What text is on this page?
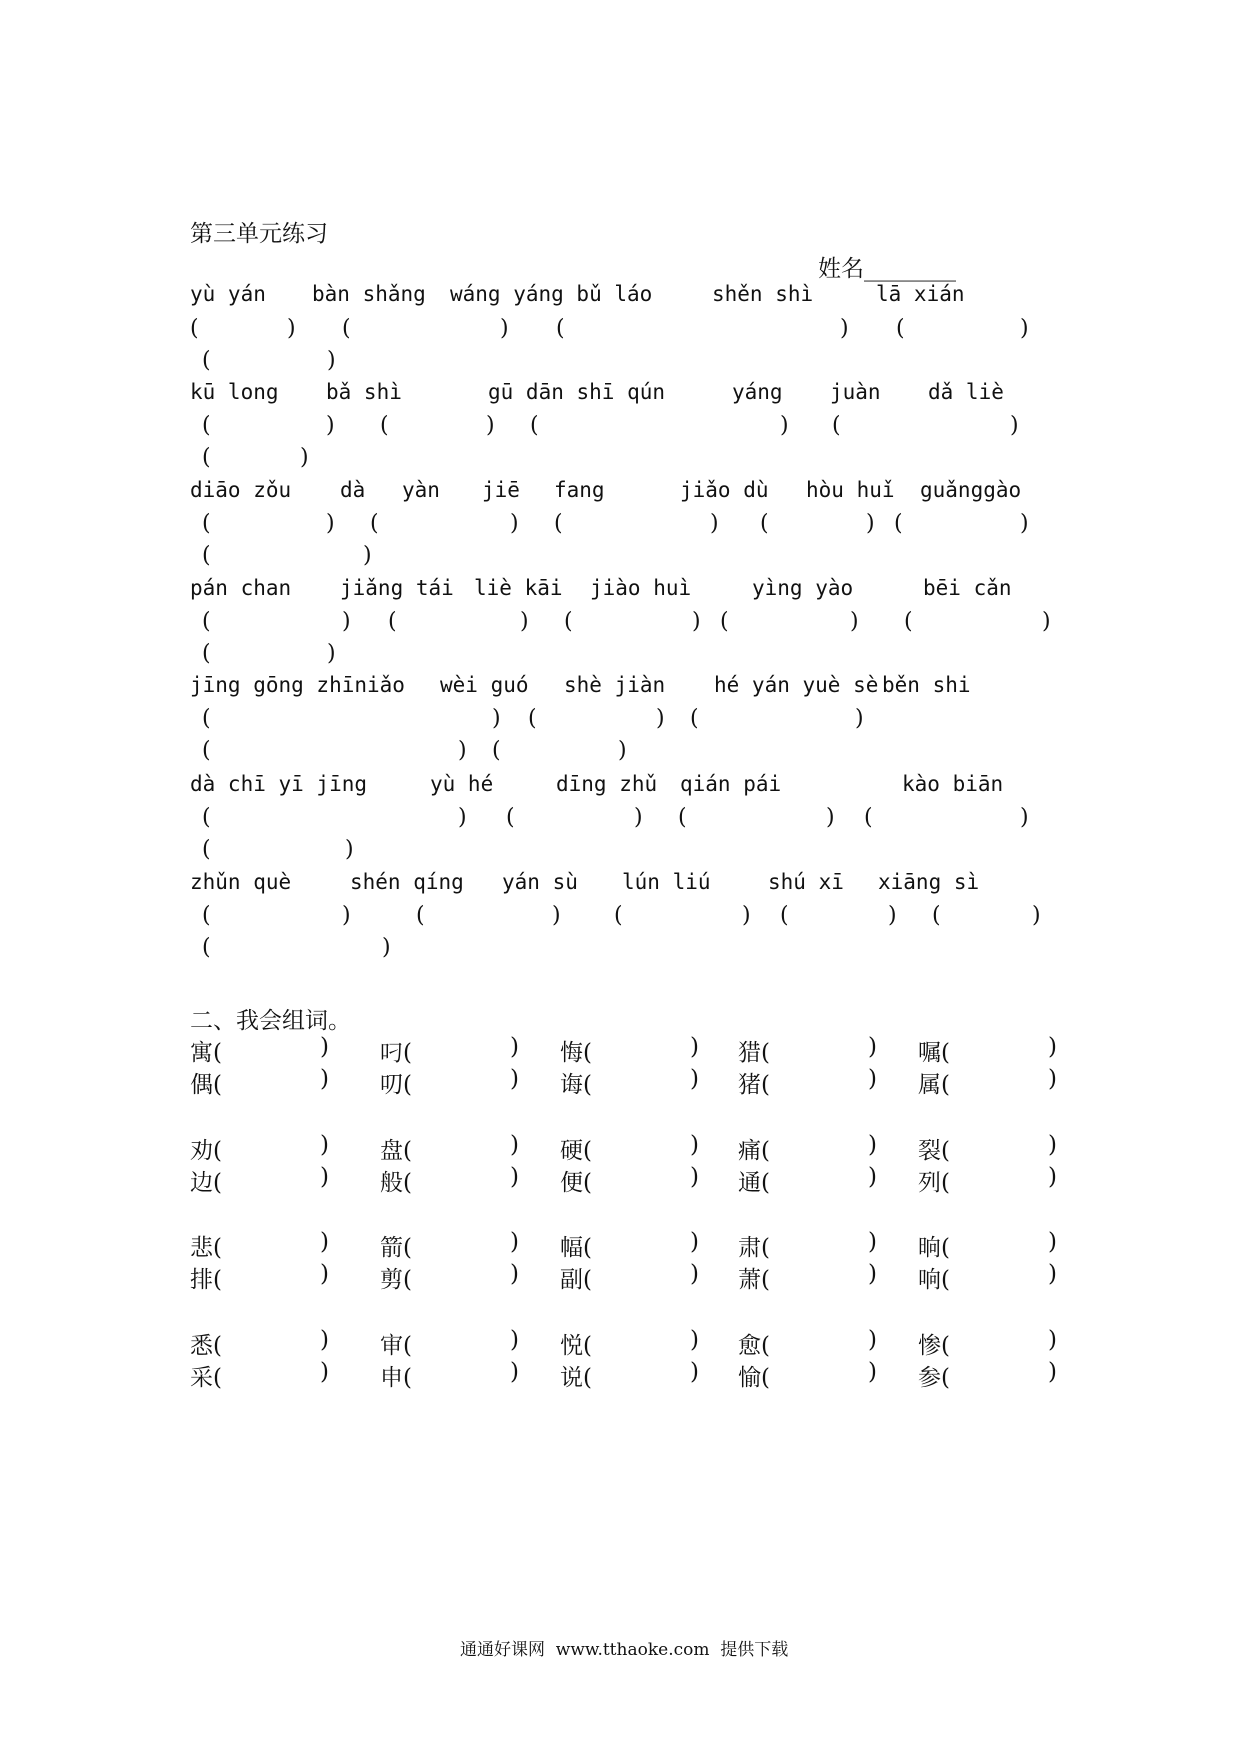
第三单元练习
姓名________
yù yán bàn shǎng wáng yáng bǔ láo	shěn shì	lā xián
(	) (	) (	) (	)
(	)
kū long bǎ shì	gū dān shī qún	yáng juàn dǎ liè
(	) (	) (	) (	)
(	)
diāo zǒu dà yàn jiē fang	jiǎo dù hòu huǐ guǎnggào
(	) (	) (	) (	) (	)
(	)
pán chan jiǎng tái liè kāi jiào huì	yìng yào	bēi cǎn
(	) (	) (	) (	) (	)
(	)
jīng gōng zhīniǎo wèi guó shè jiàn hé yán yuè sè běn shi
(	) (	) (	)
(	) (	)
dà chī yī jīng	yù hé	dīng zhǔ qián pái	kào biān
(	) (	) (	) (	)
(	)
zhǔn què	shén qíng yán sù lún liú	shú xī xiāng sì
(	)	(	) (	) (	) (	)
(	)
二、我会组词。
寓(	) 叼(	) 悔(	) 猎(	) 嘱(	)
偶(	) 叨(	) 诲(	) 猪(	) 属(	)
劝(	) 盘(	) 硬(	) 痛(	) 裂(	)
边(	) 般(	) 便(	) 通(	) 列(	)
悲(	) 箭(	) 幅(	) 肃(	) 晌(	)
排(	) 剪(	) 副(	) 萧(	) 响(	)
悉(	) 审(	) 悦(	) 愈(	) 惨(	)
采(	) 申(	) 说(	) 愉(	) 参(	)
通通好课网  www.tthaoke.com  提供下载
